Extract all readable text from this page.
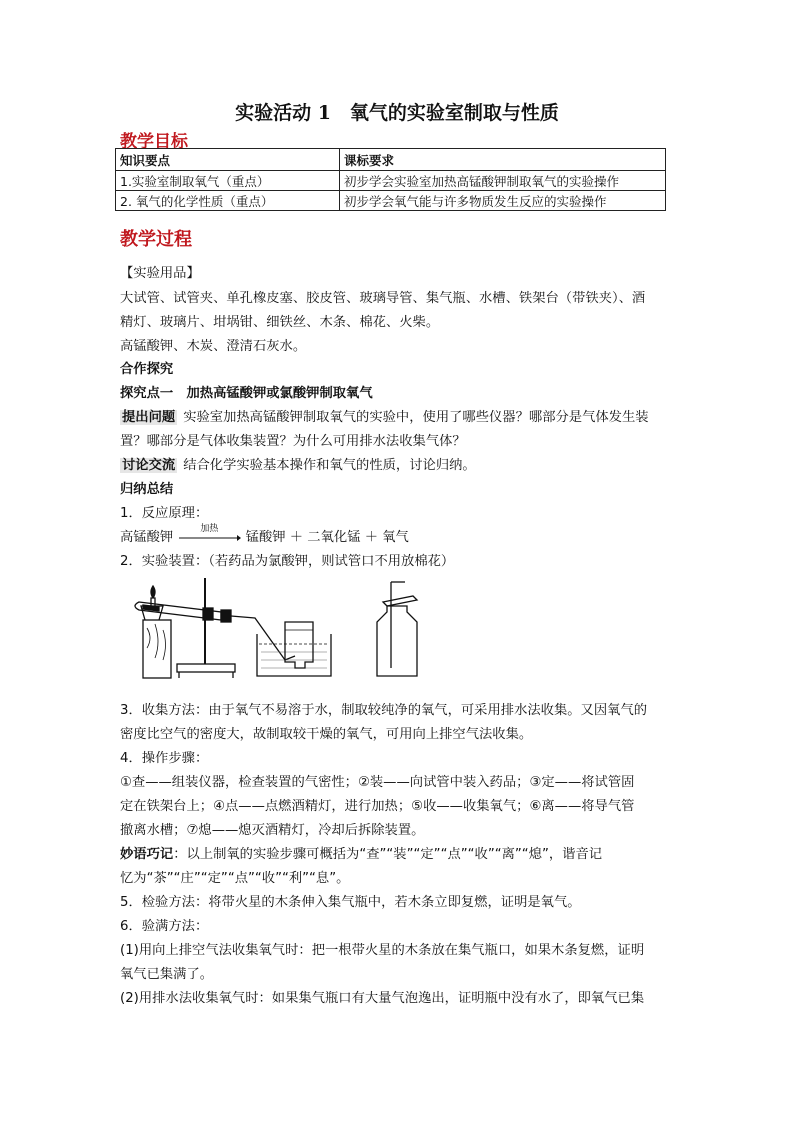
实验活动 1　氧气的实验室制取与性质
教学目标
知识要点	课标要求
1.实验室制取氧气（重点）	初步学会实验室加热高锰酸钾制取氧气的实验操作
2. 氧气的化学性质（重点）	初步学会氧气能与许多物质发生反应的实验操作
教学过程
【实验用品】
大试管、试管夹、单孔橡皮塞、胶皮管、玻璃导管、集气瓶、水槽、铁架台（带铁夹）、酒
精灯、玻璃片、坩埚钳、细铁丝、木条、棉花、火柴。
高锰酸钾、木炭、澄清石灰水。
合作探究
探究点一　加热高锰酸钾或氯酸钾制取氧气
提出问题 实验室加热高锰酸钾制取氧气的实验中，使用了哪些仪器？哪部分是气体发生装
置？哪部分是气体收集装置？为什么可用排水法收集气体？
讨论交流 结合化学实验基本操作和氧气的性质，讨论归纳。
归纳总结
1．反应原理：
高锰酸钾
加热
锰酸钾 ＋ 二氧化锰 ＋ 氧气
2．实验装置：（若药品为氯酸钾，则试管口不用放棉花）
3．收集方法：由于氧气不易溶于水，制取较纯净的氧气，可采用排水法收集。又因氧气的
密度比空气的密度大，故制取较干燥的氧气，可用向上排空气法收集。
4．操作步骤：
①查——组装仪器，检查装置的气密性；②装——向试管中装入药品；③定——将试管固
定在铁架台上；④点——点燃酒精灯，进行加热；⑤收——收集氧气；⑥离——将导气管
撤离水槽；⑦熄——熄灭酒精灯，冷却后拆除装置。
妙语巧记：以上制氧的实验步骤可概括为“查”“装”“定”“点”“收”“离”“熄”，谐音记
忆为“茶”“庄”“定”“点”“收”“利”“息”。
5．检验方法：将带火星的木条伸入集气瓶中，若木条立即复燃，证明是氧气。
6．验满方法：
(1)用向上排空气法收集氧气时：把一根带火星的木条放在集气瓶口，如果木条复燃，证明
氧气已集满了。
(2)用排水法收集氧气时：如果集气瓶口有大量气泡逸出，证明瓶中没有水了，即氧气已集
